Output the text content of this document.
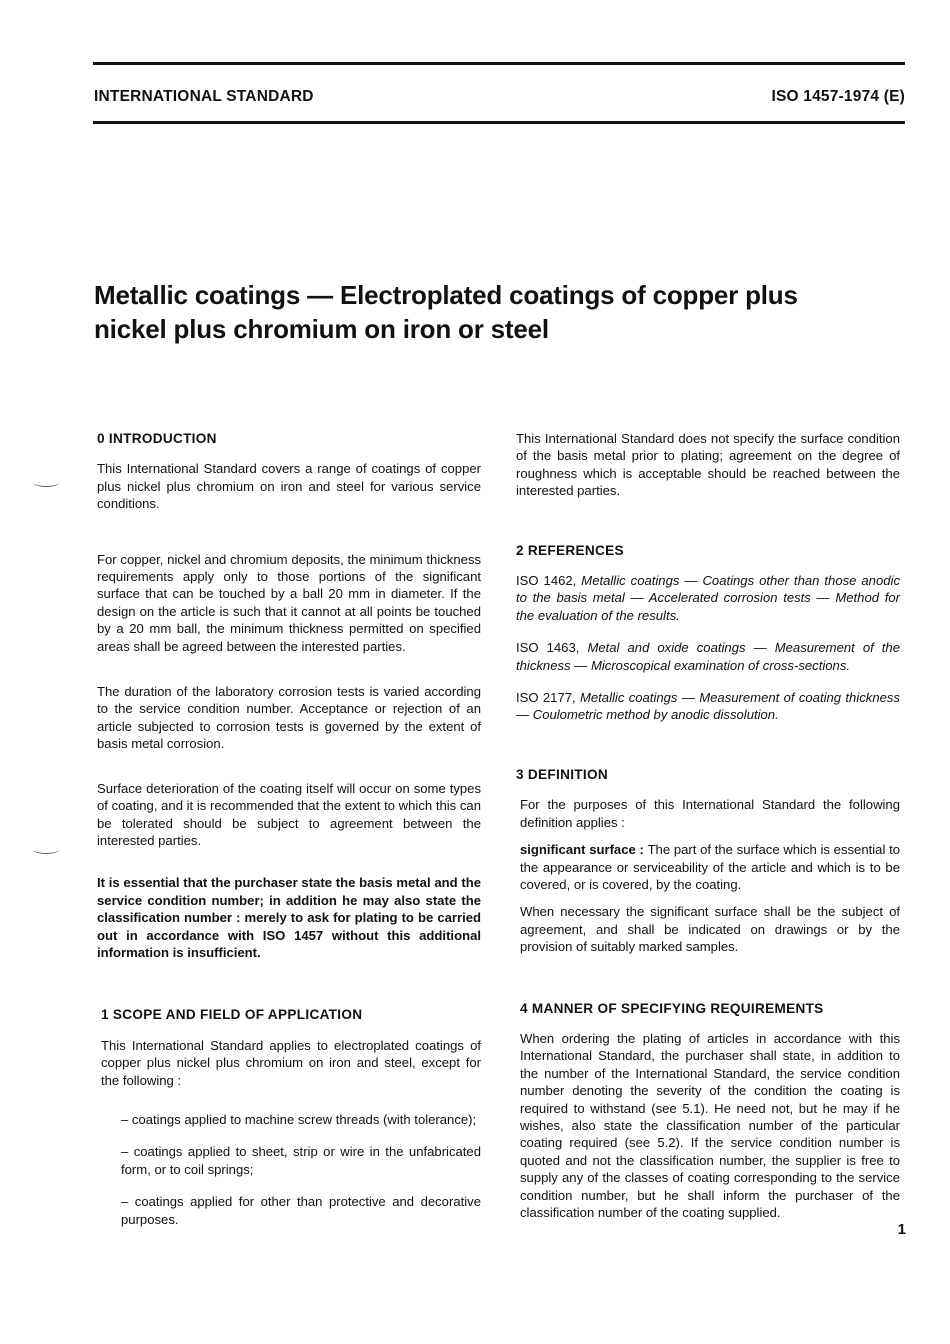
INTERNATIONAL STANDARD	ISO 1457-1974 (E)
Metallic coatings — Electroplated coatings of copper plus
nickel plus chromium on iron or steel
0 INTRODUCTION

This International Standard covers a range of coatings of copper plus nickel plus chromium on iron and steel for various service conditions.

For copper, nickel and chromium deposits, the minimum thickness requirements apply only to those portions of the significant surface that can be touched by a ball 20 mm in diameter. If the design on the article is such that it cannot at all points be touched by a 20 mm ball, the minimum thickness permitted on specified areas shall be agreed between the interested parties.

The duration of the laboratory corrosion tests is varied according to the service condition number. Acceptance or rejection of an article subjected to corrosion tests is governed by the extent of basis metal corrosion.

Surface deterioration of the coating itself will occur on some types of coating, and it is recommended that the extent to which this can be tolerated should be subject to agreement between the interested parties.

It is essential that the purchaser state the basis metal and the service condition number; in addition he may also state the classification number : merely to ask for plating to be carried out in accordance with ISO 1457 without this additional information is insufficient.

1 SCOPE AND FIELD OF APPLICATION

This International Standard applies to electroplated coatings of copper plus nickel plus chromium on iron and steel, except for the following :

– coatings applied to machine screw threads (with tolerance);

– coatings applied to sheet, strip or wire in the unfabricated form, or to coil springs;

– coatings applied for other than protective and decorative purposes.

This International Standard does not specify the surface condition of the basis metal prior to plating; agreement on the degree of roughness which is acceptable should be reached between the interested parties.

2 REFERENCES

ISO 1462, Metallic coatings — Coatings other than those anodic to the basis metal — Accelerated corrosion tests — Method for the evaluation of the results.

ISO 1463, Metal and oxide coatings — Measurement of the thickness — Microscopical examination of cross-sections.

ISO 2177, Metallic coatings — Measurement of coating thickness — Coulometric method by anodic dissolution.

3 DEFINITION

For the purposes of this International Standard the following definition applies :

significant surface : The part of the surface which is essential to the appearance or serviceability of the article and which is to be covered, or is covered, by the coating.

When necessary the significant surface shall be the subject of agreement, and shall be indicated on drawings or by the provision of suitably marked samples.

4 MANNER OF SPECIFYING REQUIREMENTS

When ordering the plating of articles in accordance with this International Standard, the purchaser shall state, in addition to the number of the International Standard, the service condition number denoting the severity of the condition the coating is required to withstand (see 5.1). He need not, but he may if he wishes, also state the classification number of the particular coating required (see 5.2). If the service condition number is quoted and not the classification number, the supplier is free to supply any of the classes of coating corresponding to the service condition number, but he shall inform the purchaser of the classification number of the coating supplied.

1
